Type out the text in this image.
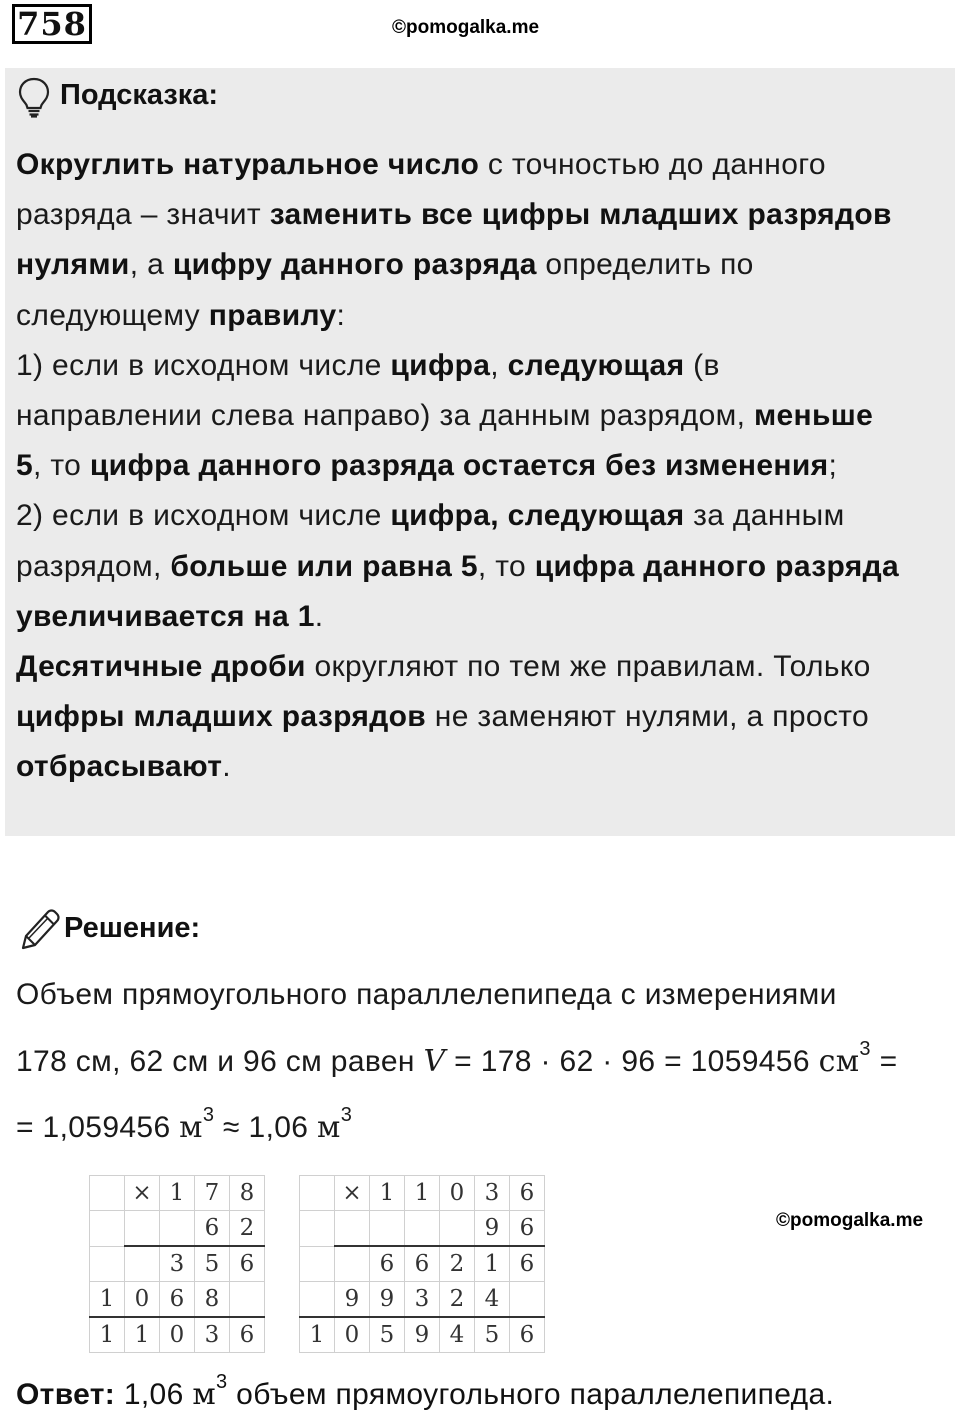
758	©pomogalka.me
Подсказка:
Округлить натуральное число с точностью до данного
разряда – значит заменить все цифры младших разрядов
нулями, а цифру данного разряда определить по
следующему правилу:
1) если в исходном числе цифра, следующая (в
направлении слева направо) за данным разрядом, меньше
5, то цифра данного разряда остается без изменения;
2) если в исходном числе цифра, следующая за данным
разрядом, больше или равна 5, то цифра данного разряда
увеличивается на 1.
Десятичные дроби округляют по тем же правилам. Только
цифры младших разрядов не заменяют нулями, а просто
отбрасывают.
Решение:
Объем прямоугольного параллелепипеда с измерениями
178 см, 62 см и 96 см равен V = 178 · 62 · 96 = 1059456 $см^3$ =
= 1,059456 $м^3 \approx 1,06$ $м^3$
	×	1	7	8
			6	2
		3	5	6
1	0	6	8	
1	1	0	3	6
	×	1	1	0	3	6
					9	6
		6	6	2	1	6
	9	9	3	2	4	
1	0	5	9	4	5	6
©pomogalka.me
Ответ: 1,06 $м^3$ объем прямоугольного параллелепипеда.
